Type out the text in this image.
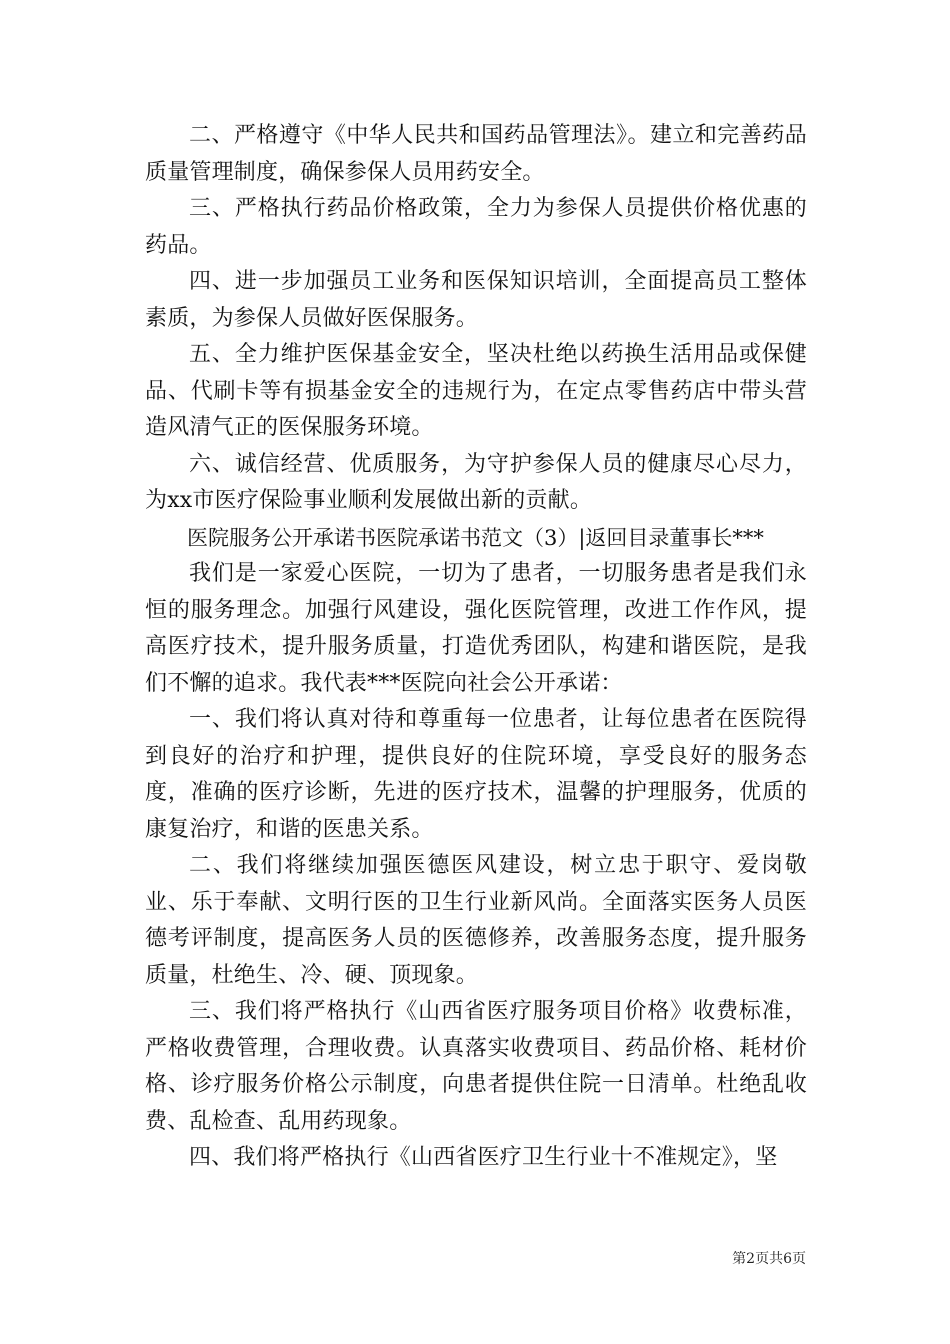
二、严格遵守《中华人民共和国药品管理法》。建立和完善药品质量管理制度，确保参保人员用药安全。

三、严格执行药品价格政策，全力为参保人员提供价格优惠的药品。

四、进一步加强员工业务和医保知识培训，全面提高员工整体素质，为参保人员做好医保服务。

五、全力维护医保基金安全，坚决杜绝以药换生活用品或保健品、代刷卡等有损基金安全的违规行为，在定点零售药店中带头营造风清气正的医保服务环境。

六、诚信经营、优质服务，为守护参保人员的健康尽心尽力，为xx市医疗保险事业顺利发展做出新的贡献。

医院服务公开承诺书医院承诺书范文（3）|返回目录董事长***

我们是一家爱心医院，一切为了患者，一切服务患者是我们永恒的服务理念。加强行风建设，强化医院管理，改进工作作风，提高医疗技术，提升服务质量，打造优秀团队，构建和谐医院，是我们不懈的追求。我代表***医院向社会公开承诺：

一、我们将认真对待和尊重每一位患者，让每位患者在医院得到良好的治疗和护理，提供良好的住院环境，享受良好的服务态度，准确的医疗诊断，先进的医疗技术，温馨的护理服务，优质的康复治疗，和谐的医患关系。

二、我们将继续加强医德医风建设，树立忠于职守、爱岗敬业、乐于奉献、文明行医的卫生行业新风尚。全面落实医务人员医德考评制度，提高医务人员的医德修养，改善服务态度，提升服务质量，杜绝生、冷、硬、顶现象。

三、我们将严格执行《山西省医疗服务项目价格》收费标准，严格收费管理，合理收费。认真落实收费项目、药品价格、耗材价格、诊疗服务价格公示制度，向患者提供住院一日清单。杜绝乱收费、乱检查、乱用药现象。

四、我们将严格执行《山西省医疗卫生行业十不准规定》，坚

第2页共6页
